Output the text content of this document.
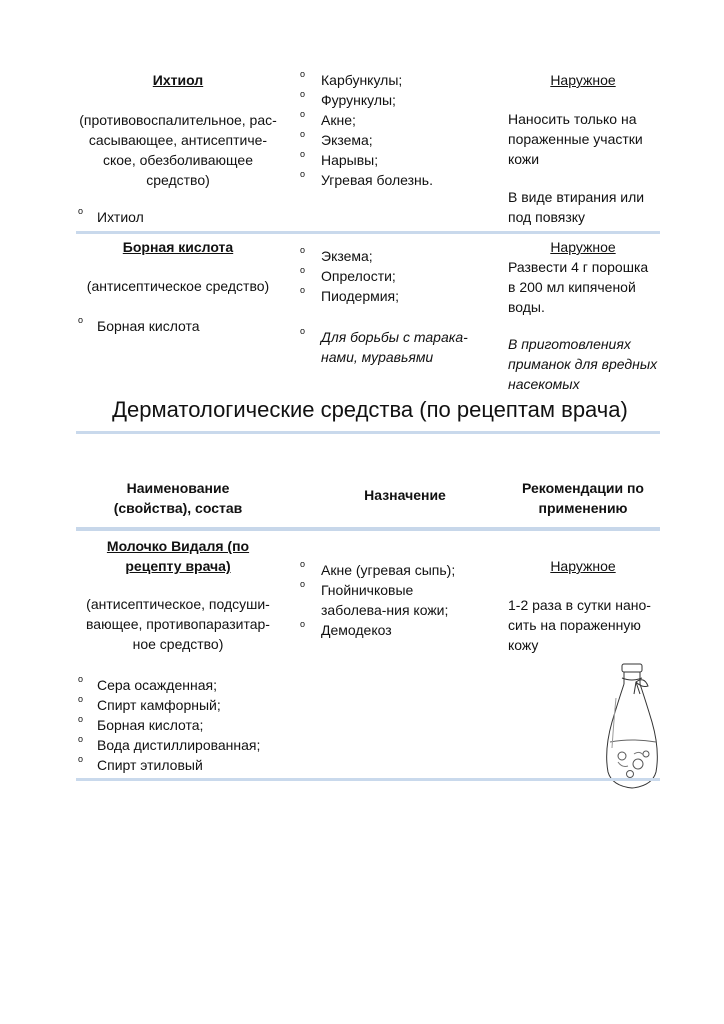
Ихтиол
(противовоспалительное, рас-сасывающее, антисептиче-ское, обезболивающее средство)
o Ихтиол
o Карбункулы;
o Фурункулы;
o Акне;
o Экзема;
o Нарывы;
o Угревая болезнь.
Наружное
Наносить только на пораженные участки кожи
В виде втирания или под повязку
Борная кислота
(антисептическое средство)
o Борная кислота
o Экзема;
o Опрелости;
o Пиодермия;
o Для борьбы с тарака-нами, муравьями
Наружное
Развести 4 г порошка в 200 мл кипяченой воды.
В приготовлениях приманок для вредных насекомых
Дерматологические средства (по рецептам врача)
Наименование (свойства), состав
Назначение	Рекомендации по применению
Молочко Видаля (по рецепту врача)
(антисептическое, подсуши-вающее, противопаразитар-ное средство)
o Сера осажденная;
o Спирт камфорный;
o Борная кислота;
o Вода дистиллированная;
o Спирт этиловый
o Акне (угревая сыпь);
o Гнойничковые заболева-ния кожи;
o Демодекоз
Наружное
1-2 раза в сутки нано-сить на пораженную кожу
